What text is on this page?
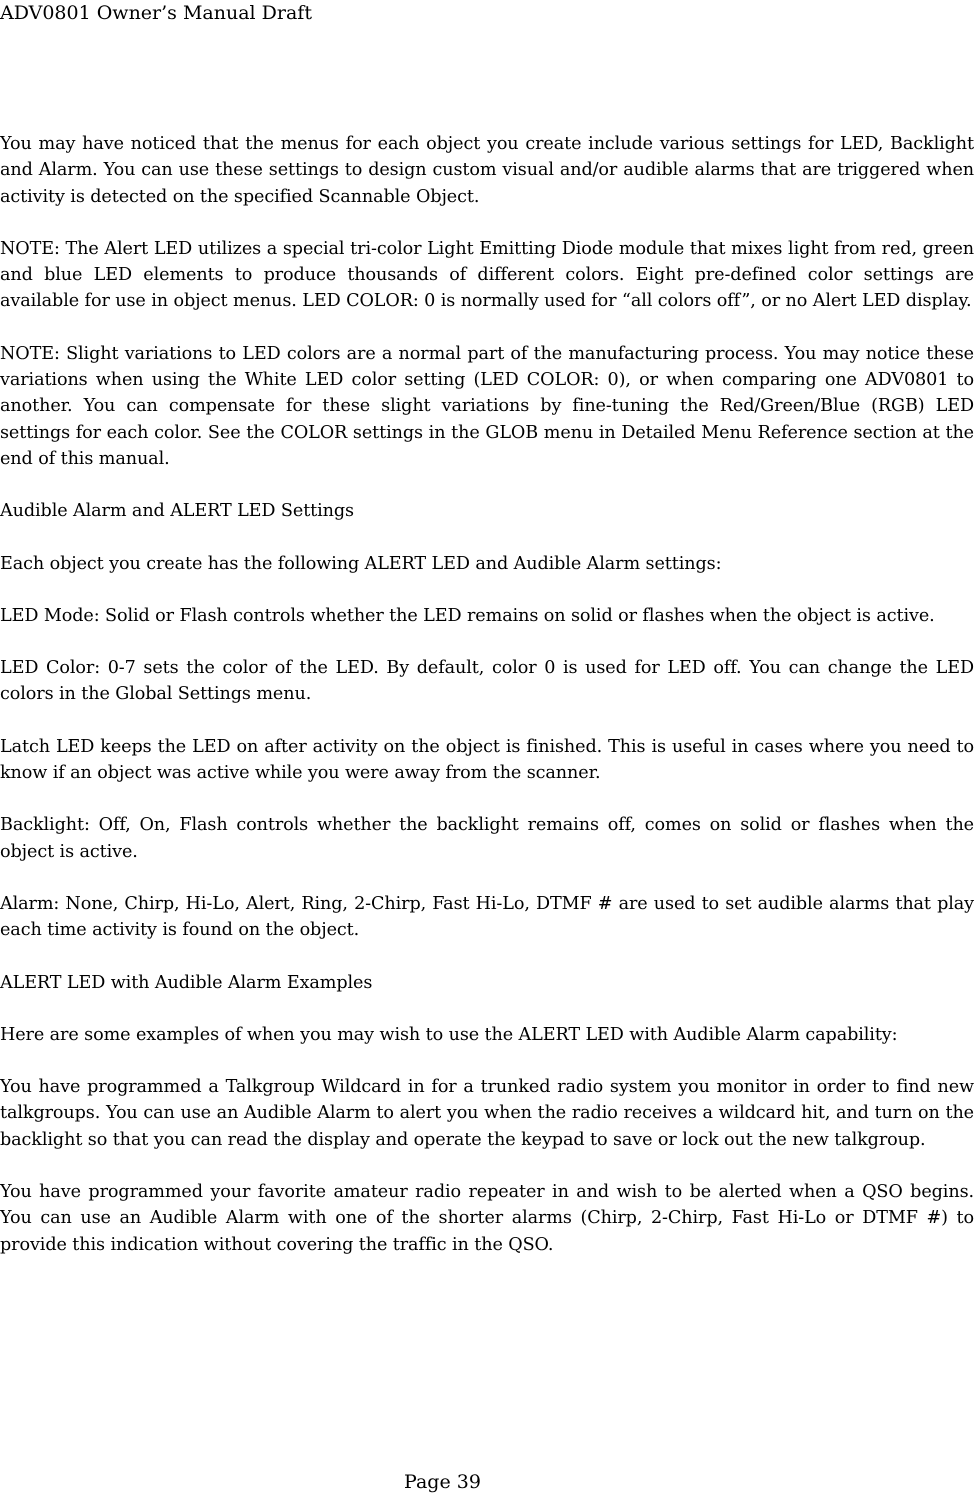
ADV0801 Owner’s Manual Draft

You may have noticed that the menus for each object you create include various settings for LED, Backlight and Alarm. You can use these settings to design custom visual and/or audible alarms that are triggered when activity is detected on the specified Scannable Object.

NOTE: The Alert LED utilizes a special tri-color Light Emitting Diode module that mixes light from red, green and blue LED elements to produce thousands of different colors. Eight pre-defined color settings are available for use in object menus. LED COLOR: 0 is normally used for “all colors off”, or no Alert LED display.

NOTE: Slight variations to LED colors are a normal part of the manufacturing process. You may notice these variations when using the White LED color setting (LED COLOR: 0), or when comparing one ADV0801 to another. You can compensate for these slight variations by fine-tuning the Red/Green/Blue (RGB) LED settings for each color. See the COLOR settings in the GLOB menu in Detailed Menu Reference section at the end of this manual.

Audible Alarm and ALERT LED Settings

Each object you create has the following ALERT LED and Audible Alarm settings:

LED Mode: Solid or Flash controls whether the LED remains on solid or flashes when the object is active.

LED Color: 0-7 sets the color of the LED. By default, color 0 is used for LED off. You can change the LED colors in the Global Settings menu.

Latch LED keeps the LED on after activity on the object is finished. This is useful in cases where you need to know if an object was active while you were away from the scanner.

Backlight: Off, On, Flash controls whether the backlight remains off, comes on solid or flashes when the object is active.

Alarm: None, Chirp, Hi-Lo, Alert, Ring, 2-Chirp, Fast Hi-Lo, DTMF # are used to set audible alarms that play each time activity is found on the object.

ALERT LED with Audible Alarm Examples

Here are some examples of when you may wish to use the ALERT LED with Audible Alarm capability:

You have programmed a Talkgroup Wildcard in for a trunked radio system you monitor in order to find new talkgroups. You can use an Audible Alarm to alert you when the radio receives a wildcard hit, and turn on the backlight so that you can read the display and operate the keypad to save or lock out the new talkgroup.

You have programmed your favorite amateur radio repeater in and wish to be alerted when a QSO begins. You can use an Audible Alarm with one of the shorter alarms (Chirp, 2-Chirp, Fast Hi-Lo or DTMF #) to provide this indication without covering the traffic in the QSO.

Page 39
